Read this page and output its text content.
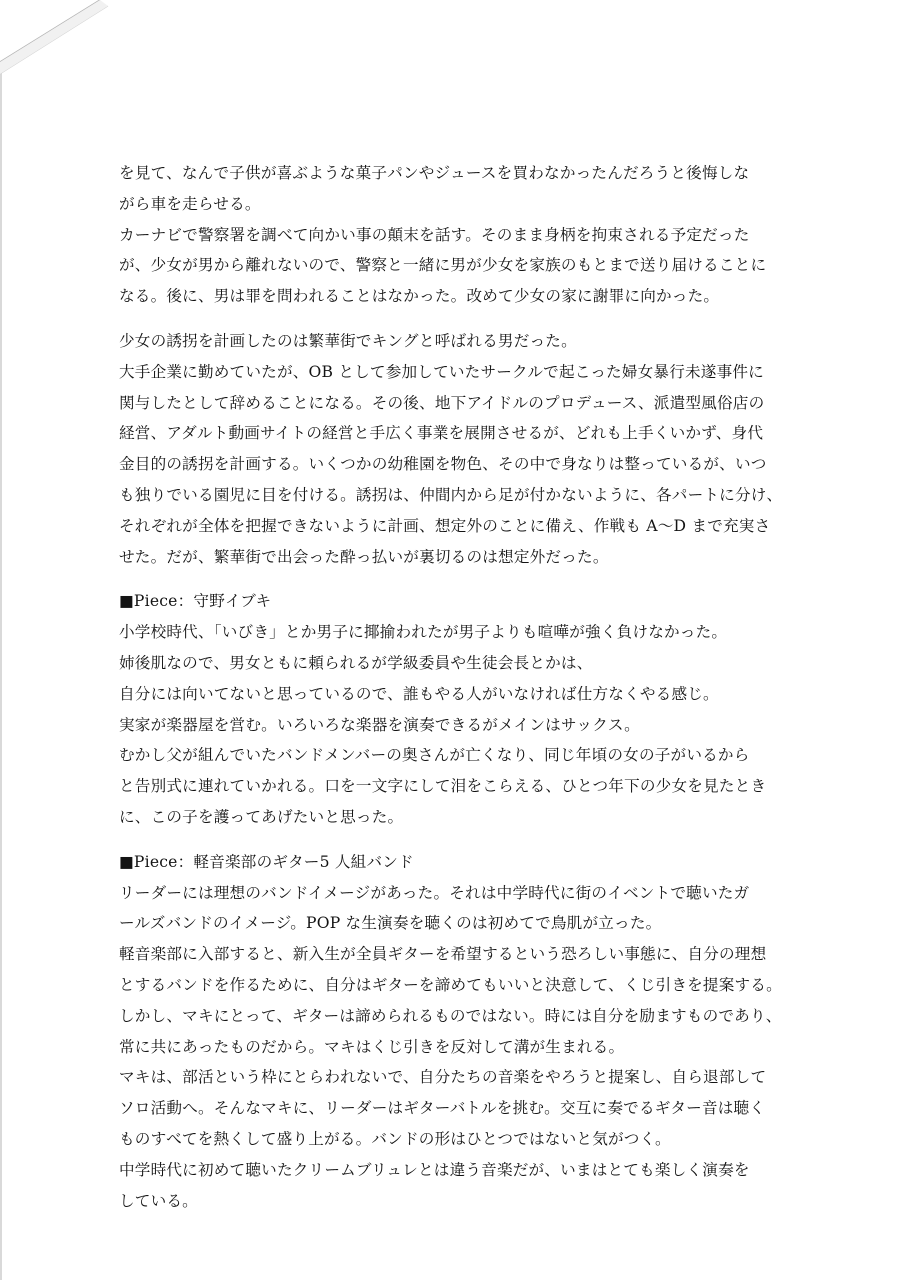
を見て、なんで子供が喜ぶような菓子パンやジュースを買わなかったんだろうと後悔しな
がら車を走らせる。
カーナビで警察署を調べて向かい事の顛末を話す。そのまま身柄を拘束される予定だった
が、少女が男から離れないので、警察と一緒に男が少女を家族のもとまで送り届けることに
なる。後に、男は罪を問われることはなかった。改めて少女の家に謝罪に向かった。
少女の誘拐を計画したのは繁華街でキングと呼ばれる男だった。
大手企業に勤めていたが、OB として参加していたサークルで起こった婦女暴行未遂事件に
関与したとして辞めることになる。その後、地下アイドルのプロデュース、派遣型風俗店の
経営、アダルト動画サイトの経営と手広く事業を展開させるが、どれも上手くいかず、身代
金目的の誘拐を計画する。いくつかの幼稚園を物色、その中で身なりは整っているが、いつ
も独りでいる園児に目を付ける。誘拐は、仲間内から足が付かないように、各パートに分け、
それぞれが全体を把握できないように計画、想定外のことに備え、作戦も A〜D まで充実さ
せた。だが、繁華街で出会った酔っ払いが裏切るのは想定外だった。
■Piece：守野イブキ
小学校時代、「いびき」とか男子に揶揄われたが男子よりも喧嘩が強く負けなかった。
姉後肌なので、男女ともに頼られるが学級委員や生徒会長とかは、
自分には向いてないと思っているので、誰もやる人がいなければ仕方なくやる感じ。
実家が楽器屋を営む。いろいろな楽器を演奏できるがメインはサックス。
むかし父が組んでいたバンドメンバーの奥さんが亡くなり、同じ年頃の女の子がいるから
と告別式に連れていかれる。口を一文字にして泪をこらえる、ひとつ年下の少女を見たとき
に、この子を護ってあげたいと思った。
■Piece：軽音楽部のギター5 人組バンド
リーダーには理想のバンドイメージがあった。それは中学時代に街のイベントで聴いたガ
ールズバンドのイメージ。POP な生演奏を聴くのは初めてで鳥肌が立った。
軽音楽部に入部すると、新入生が全員ギターを希望するという恐ろしい事態に、自分の理想
とするバンドを作るために、自分はギターを諦めてもいいと決意して、くじ引きを提案する。
しかし、マキにとって、ギターは諦められるものではない。時には自分を励ますものであり、
常に共にあったものだから。マキはくじ引きを反対して溝が生まれる。
マキは、部活という枠にとらわれないで、自分たちの音楽をやろうと提案し、自ら退部して
ソロ活動へ。そんなマキに、リーダーはギターバトルを挑む。交互に奏でるギター音は聴く
ものすべてを熱くして盛り上がる。バンドの形はひとつではないと気がつく。
中学時代に初めて聴いたクリームブリュレとは違う音楽だが、いまはとても楽しく演奏を
している。
